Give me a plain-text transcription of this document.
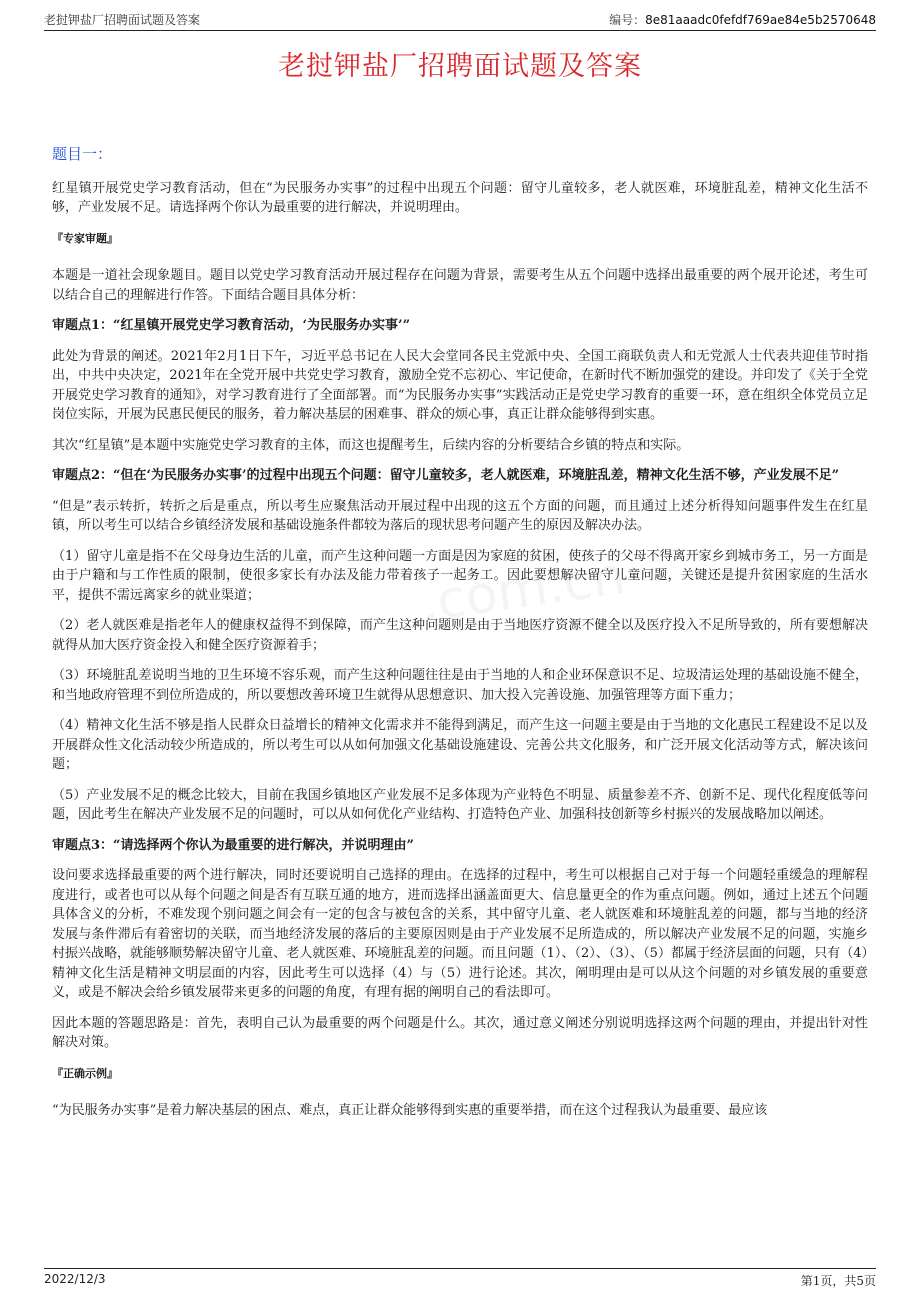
老挝钾盐厂招聘面试题及答案	编号：8e81aaadc0fefdf769ae84e5b2570648
老挝钾盐厂招聘面试题及答案

题目一：

红星镇开展党史学习教育活动，但在“为民服务办实事”的过程中出现五个问题：留守儿童较多，老人就医难，环境脏乱差，精神文化生活不够，产业发展不足。请选择两个你认为最重要的进行解决，并说明理由。

『专家审题』

本题是一道社会现象题目。题目以党史学习教育活动开展过程存在问题为背景，需要考生从五个问题中选择出最重要的两个展开论述，考生可以结合自己的理解进行作答。下面结合题目具体分析：

审题点1：“红星镇开展党史学习教育活动，‘为民服务办实事’”

此处为背景的阐述。2021年2月1日下午，习近平总书记在人民大会堂同各民主党派中央、全国工商联负责人和无党派人士代表共迎佳节时指出，中共中央决定，2021年在全党开展中共党史学习教育，激励全党不忘初心、牢记使命，在新时代不断加强党的建设。并印发了《关于全党开展党史学习教育的通知》，对学习教育进行了全面部署。而“为民服务办实事”实践活动正是党史学习教育的重要一环，意在组织全体党员立足岗位实际，开展为民惠民便民的服务，着力解决基层的困难事、群众的烦心事，真正让群众能够得到实惠。

其次“红星镇”是本题中实施党史学习教育的主体，而这也提醒考生，后续内容的分析要结合乡镇的特点和实际。

审题点2：“但在‘为民服务办实事’的过程中出现五个问题：留守儿童较多，老人就医难，环境脏乱差，精神文化生活不够，产业发展不足”

“但是”表示转折，转折之后是重点，所以考生应聚焦活动开展过程中出现的这五个方面的问题，而且通过上述分析得知问题事件发生在红星镇，所以考生可以结合乡镇经济发展和基础设施条件都较为落后的现状思考问题产生的原因及解决办法。

（1）留守儿童是指不在父母身边生活的儿童，而产生这种问题一方面是因为家庭的贫困，使孩子的父母不得离开家乡到城市务工，另一方面是由于户籍和与工作性质的限制，使很多家长有办法及能力带着孩子一起务工。因此要想解决留守儿童问题，关键还是提升贫困家庭的生活水平，提供不需远离家乡的就业渠道；

（2）老人就医难是指老年人的健康权益得不到保障，而产生这种问题则是由于当地医疗资源不健全以及医疗投入不足所导致的，所有要想解决就得从加大医疗资金投入和健全医疗资源着手；

（3）环境脏乱差说明当地的卫生环境不容乐观，而产生这种问题往往是由于当地的人和企业环保意识不足、垃圾清运处理的基础设施不健全，和当地政府管理不到位所造成的，所以要想改善环境卫生就得从思想意识、加大投入完善设施、加强管理等方面下重力；

（4）精神文化生活不够是指人民群众日益增长的精神文化需求并不能得到满足，而产生这一问题主要是由于当地的文化惠民工程建设不足以及开展群众性文化活动较少所造成的，所以考生可以从如何加强文化基础设施建设、完善公共文化服务，和广泛开展文化活动等方式，解决该问题；

（5）产业发展不足的概念比较大，目前在我国乡镇地区产业发展不足多体现为产业特色不明显、质量参差不齐、创新不足、现代化程度低等问题，因此考生在解决产业发展不足的问题时，可以从如何优化产业结构、打造特色产业、加强科技创新等乡村振兴的发展战略加以阐述。

审题点3：“请选择两个你认为最重要的进行解决，并说明理由”

设问要求选择最重要的两个进行解决，同时还要说明自己选择的理由。在选择的过程中，考生可以根据自己对于每一个问题轻重缓急的理解程度进行，或者也可以从每个问题之间是否有互联互通的地方，进而选择出涵盖面更大、信息量更全的作为重点问题。例如，通过上述五个问题具体含义的分析，不难发现个别问题之间会有一定的包含与被包含的关系，其中留守儿童、老人就医难和环境脏乱差的问题，都与当地的经济发展与条件滞后有着密切的关联，而当地经济发展的落后的主要原因则是由于产业发展不足所造成的，所以解决产业发展不足的问题，实施乡村振兴战略，就能够顺势解决留守儿童、老人就医难、环境脏乱差的问题。而且问题（1）、（2）、（3）、（5）都属于经济层面的问题，只有（4）精神文化生活是精神文明层面的内容，因此考生可以选择（4）与（5）进行论述。其次，阐明理由是可以从这个问题的对乡镇发展的重要意义，或是不解决会给乡镇发展带来更多的问题的角度，有理有据的阐明自己的看法即可。

因此本题的答题思路是：首先，表明自己认为最重要的两个问题是什么。其次，通过意义阐述分别说明选择这两个问题的理由，并提出针对性解决对策。

『正确示例』

“为民服务办实事”是着力解决基层的困点、难点，真正让群众能够得到实惠的重要举措，而在这个过程我认为最重要、最应该

2022/12/3	第1页，共5页
